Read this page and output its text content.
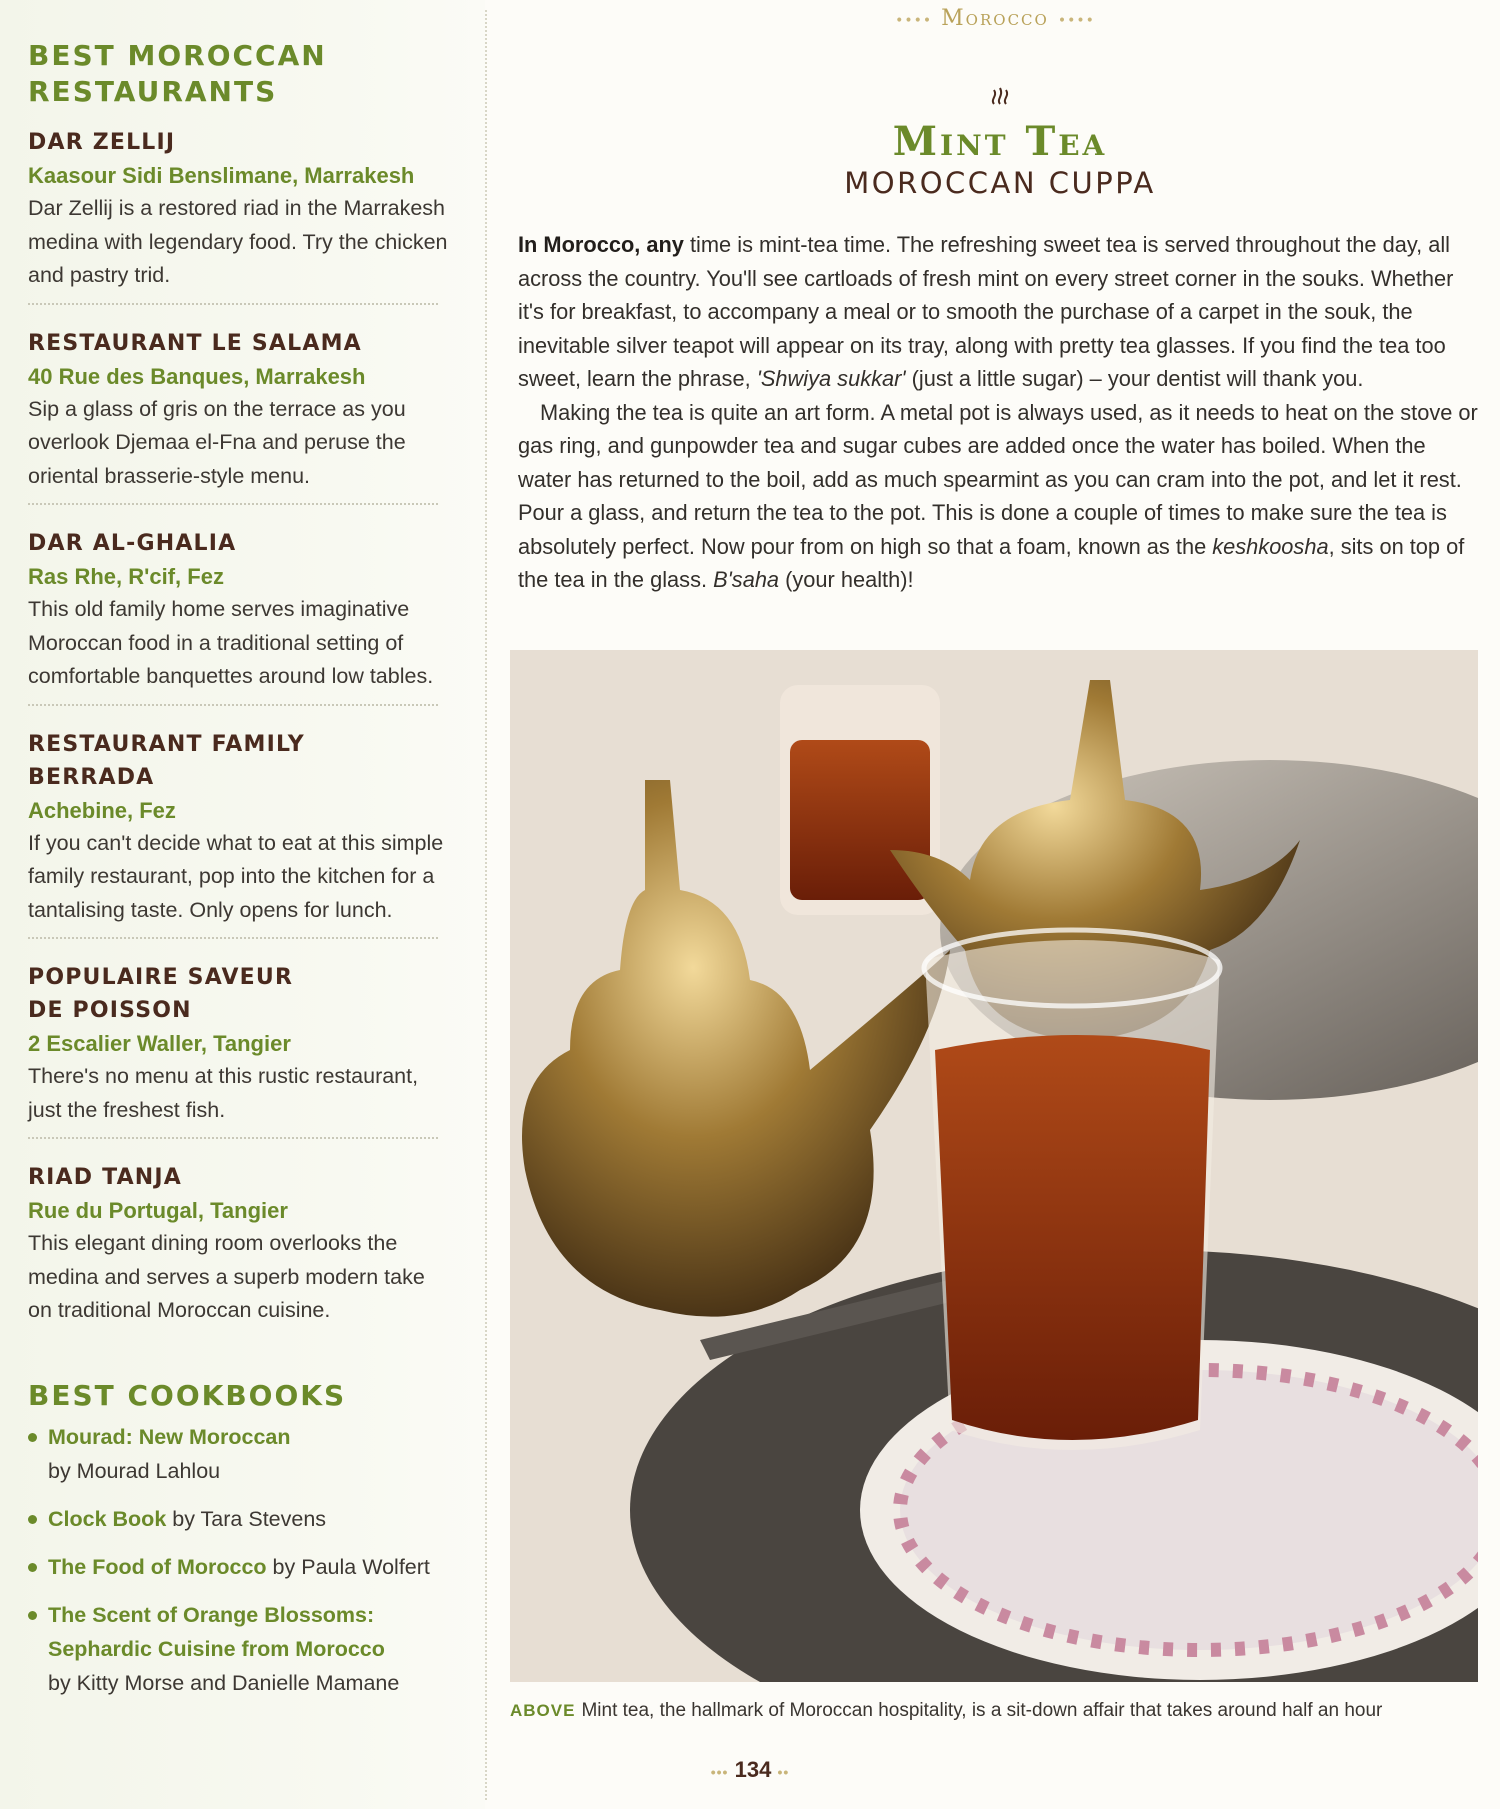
BEST MOROCCAN RESTAURANTS
DAR ZELLIJ
Kaasour Sidi Benslimane, Marrakesh
Dar Zellij is a restored riad in the Marrakesh medina with legendary food. Try the chicken and pastry trid.
RESTAURANT LE SALAMA
40 Rue des Banques, Marrakesh
Sip a glass of gris on the terrace as you overlook Djemaa el-Fna and peruse the oriental brasserie-style menu.
DAR AL-GHALIA
Ras Rhe, R'cif, Fez
This old family home serves imaginative Moroccan food in a traditional setting of comfortable banquettes around low tables.
RESTAURANT FAMILY BERRADA
Achebine, Fez
If you can't decide what to eat at this simple family restaurant, pop into the kitchen for a tantalising taste. Only opens for lunch.
POPULAIRE SAVEUR DE POISSON
2 Escalier Waller, Tangier
There's no menu at this rustic restaurant, just the freshest fish.
RIAD TANJA
Rue du Portugal, Tangier
This elegant dining room overlooks the medina and serves a superb modern take on traditional Moroccan cuisine.
BEST COOKBOOKS
Mourad: New Moroccan
by Mourad Lahlou
Clock Book by Tara Stevens
The Food of Morocco by Paula Wolfert
The Scent of Orange Blossoms: Sephardic Cuisine from Morocco
by Kitty Morse and Danielle Mamane
•••• Morocco ••••
Mint Tea
MOROCCAN CUPPA

In Morocco, any time is mint-tea time. The refreshing sweet tea is served throughout the day, all across the country. You'll see cartloads of fresh mint on every street corner in the souks. Whether it's for breakfast, to accompany a meal or to smooth the purchase of a carpet in the souk, the inevitable silver teapot will appear on its tray, along with pretty tea glasses. If you find the tea too sweet, learn the phrase, 'Shwiya sukkar' (just a little sugar) – your dentist will thank you.

Making the tea is quite an art form. A metal pot is always used, as it needs to heat on the stove or gas ring, and gunpowder tea and sugar cubes are added once the water has boiled. When the water has returned to the boil, add as much spearmint as you can cram into the pot, and let it rest. Pour a glass, and return the tea to the pot. This is done a couple of times to make sure the tea is absolutely perfect. Now pour from on high so that a foam, known as the keshkoosha, sits on top of the tea in the glass. B'saha (your health)!

ABOVE Mint tea, the hallmark of Moroccan hospitality, is a sit-down affair that takes around half an hour
••• 134 ••
